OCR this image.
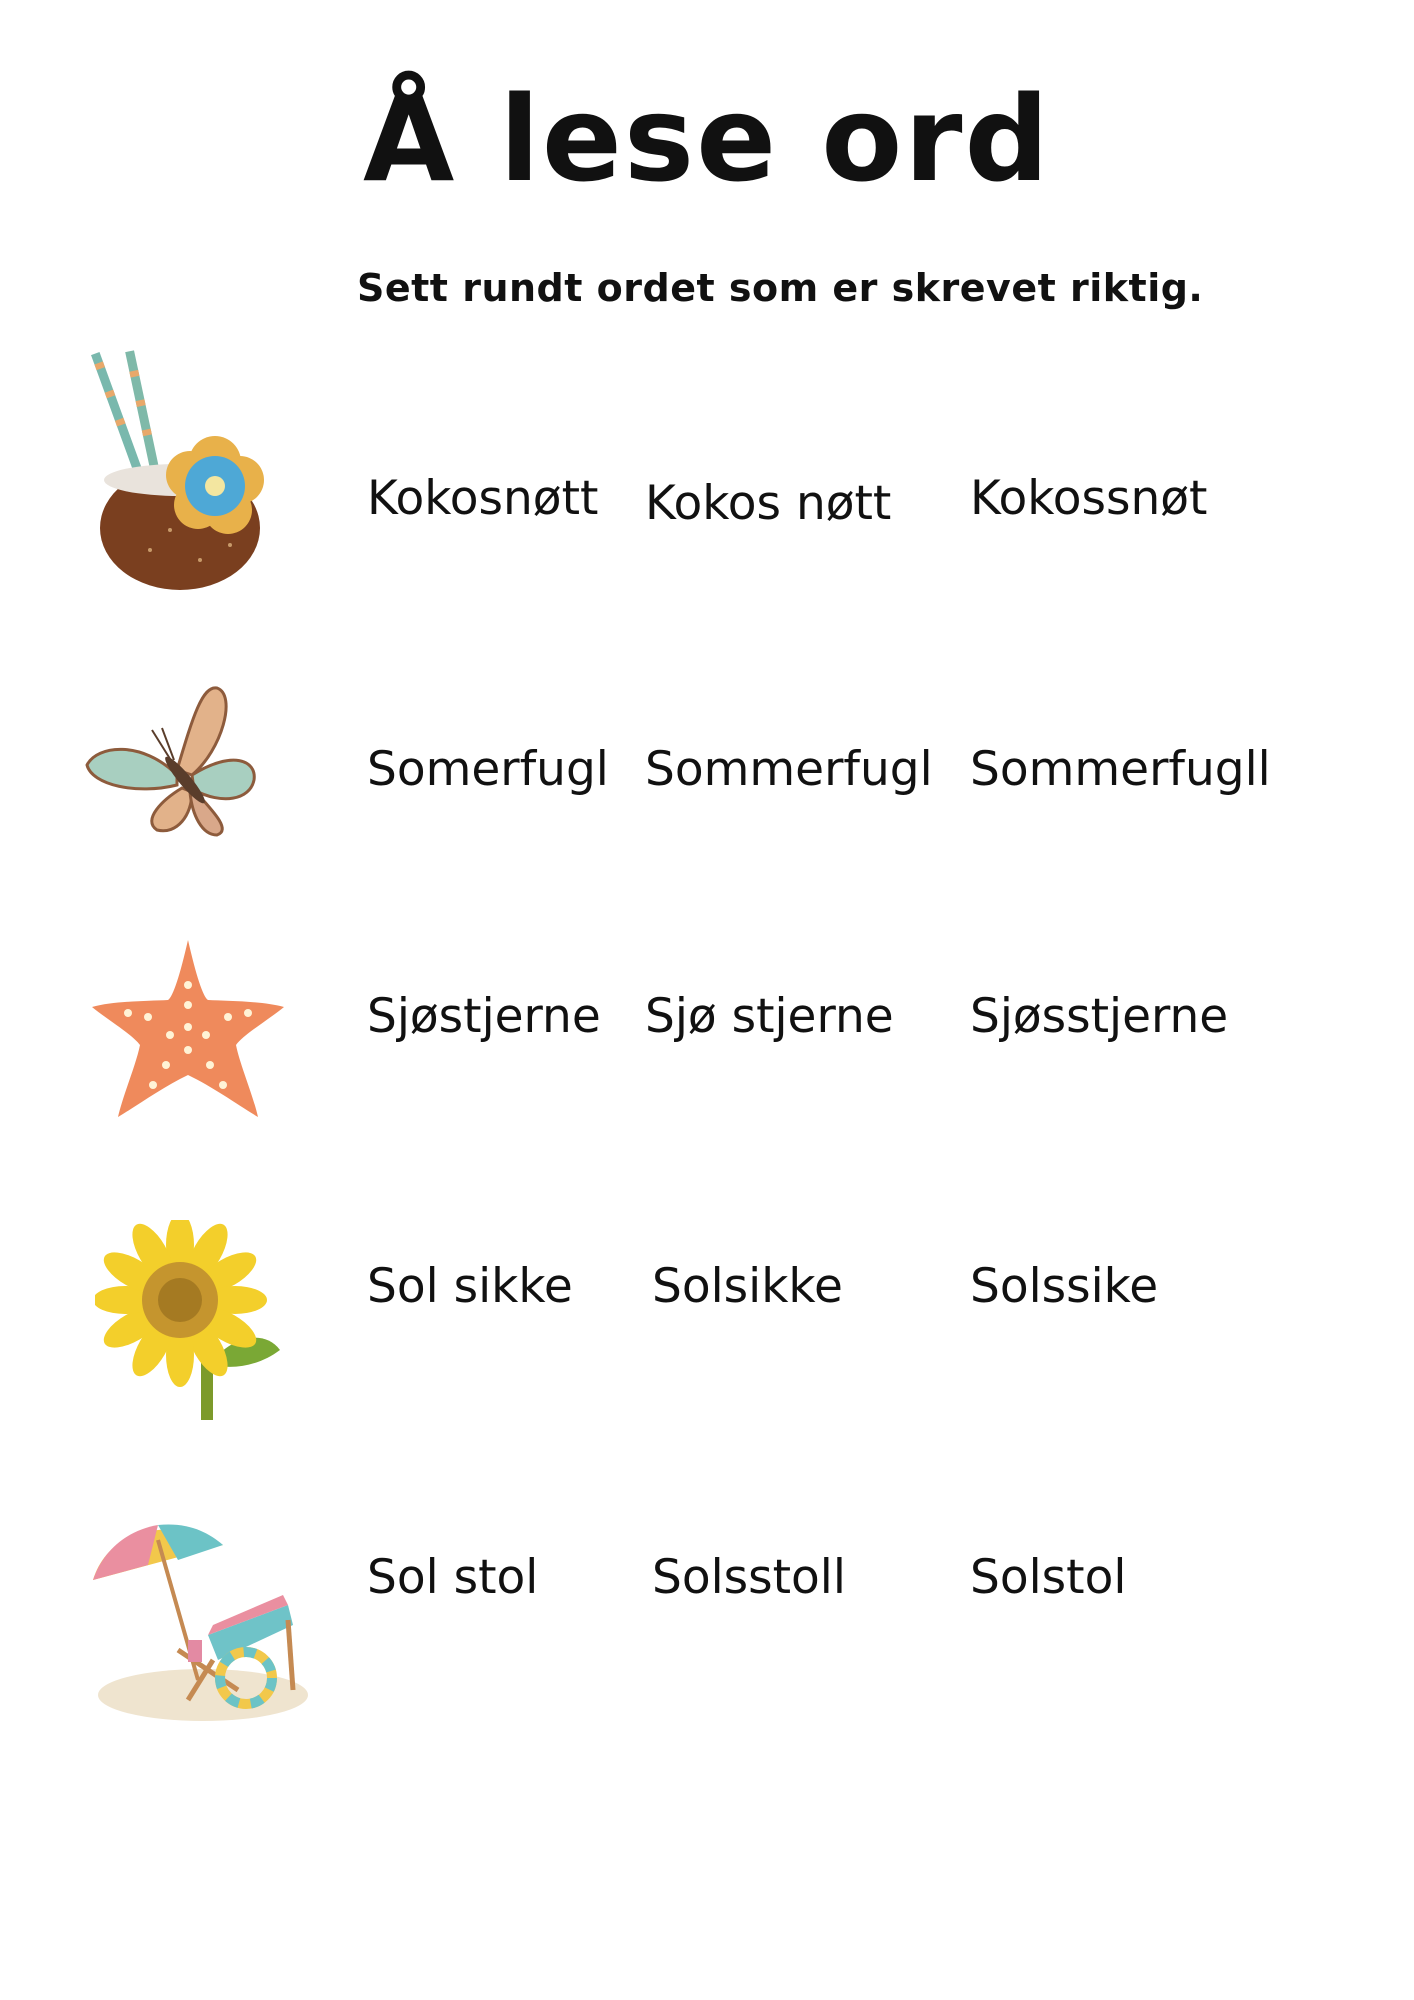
Å lese ord
Sett rundt ordet som er skrevet riktig.
Kokosnøtt Kokos nøtt Kokossnøt
Somerfugl Sommerfugl Sommerfugll
Sjøstjerne Sjø stjerne Sjøsstjerne
Sol sikke Solsikke	Solssike
Sol stol Solsstoll	Solstol
